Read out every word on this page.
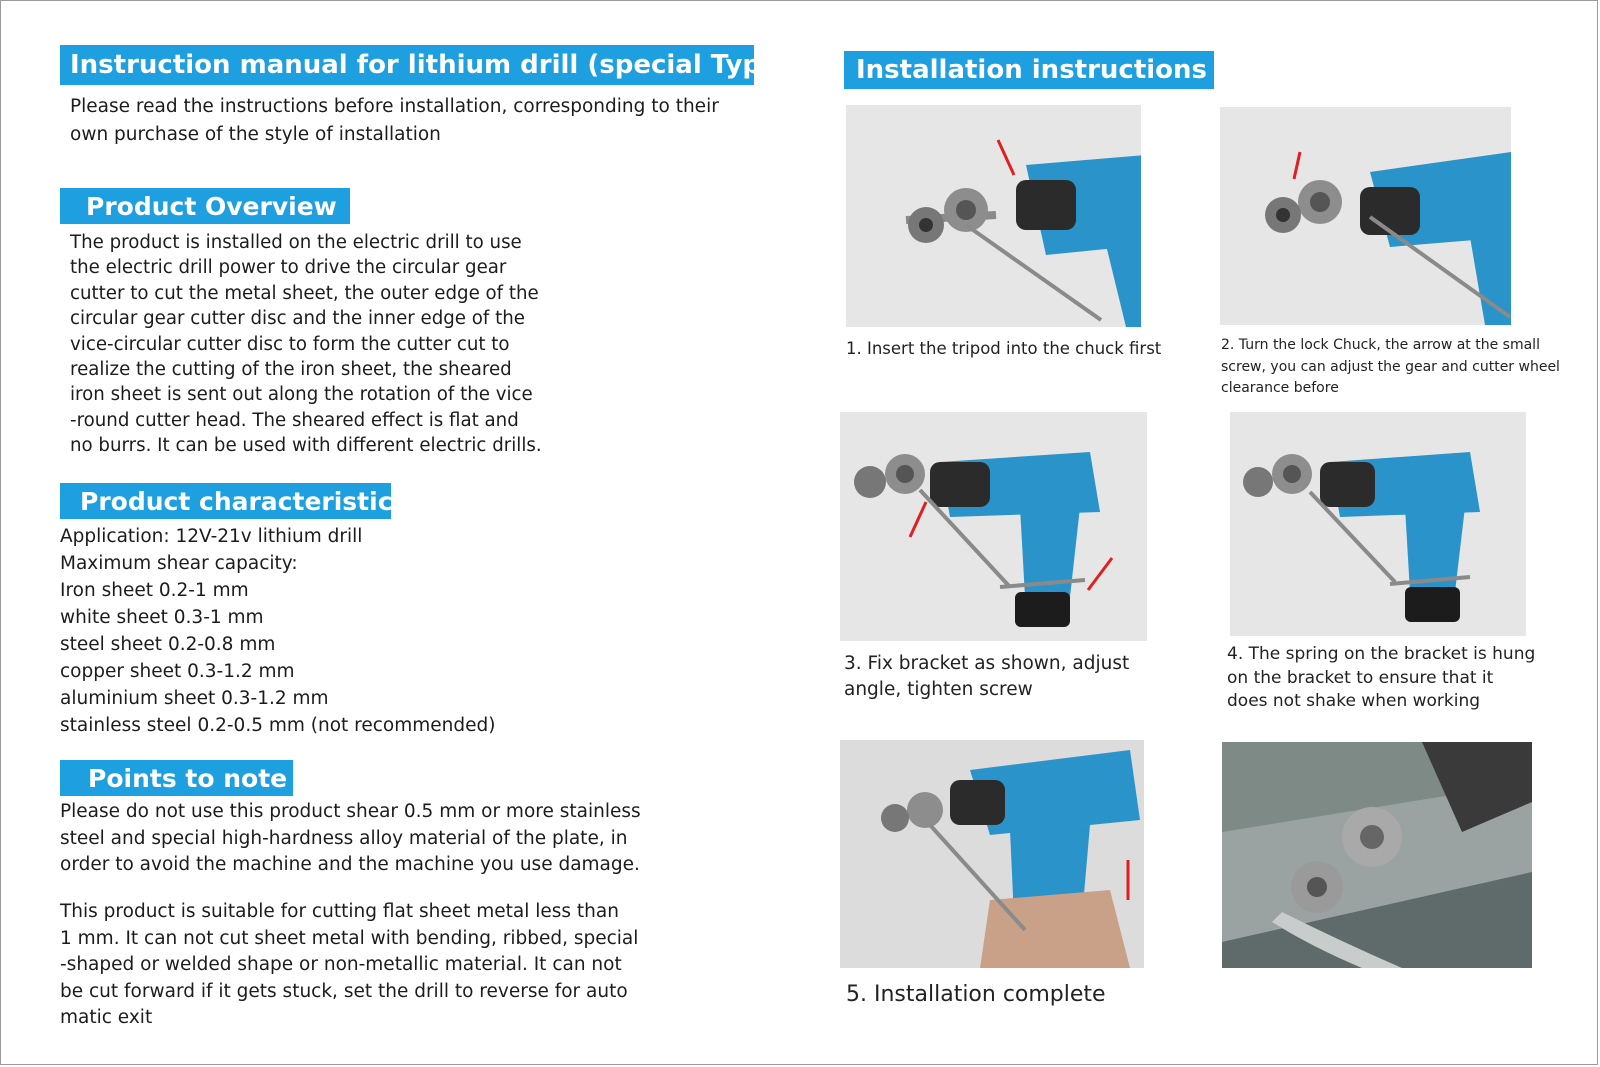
Instruction manual for lithium drill (special Type)

Please read the instructions before installation, corresponding to their
own purchase of the style of installation

Product Overview

The product is installed on the electric drill to use
the electric drill power to drive the circular gear
cutter to cut the metal sheet, the outer edge of the
circular gear cutter disc and the inner edge of the
vice-circular cutter disc to form the cutter cut to
realize the cutting of the iron sheet, the sheared
iron sheet is sent out along the rotation of the vice
-round cutter head. The sheared effect is flat and
no burrs. It can be used with different electric drills.

Product characteristics

Application: 12V-21v lithium drill
Maximum shear capacity:
Iron sheet 0.2-1 mm
white sheet 0.3-1 mm
steel sheet 0.2-0.8 mm
copper sheet 0.3-1.2 mm
aluminium sheet 0.3-1.2 mm
stainless steel 0.2-0.5 mm (not recommended)

Points to note

Please do not use this product shear 0.5 mm or more stainless
steel and special high-hardness alloy material of the plate, in
order to avoid the machine and the machine you use damage.

This product is suitable for cutting flat sheet metal less than
1 mm. It can not cut sheet metal with bending, ribbed, special
-shaped or welded shape or non-metallic material. It can not
be cut forward if it gets stuck, set the drill to reverse for auto
matic exit

Installation instructions

1. Insert the tripod into the chuck first	2. Turn the lock Chuck, the arrow at the small
screw, you can adjust the gear and cutter wheel
clearance before

3. Fix bracket as shown, adjust
angle, tighten screw

4. The spring on the bracket is hung
on the bracket to ensure that it
does not shake when working

5. Installation complete
